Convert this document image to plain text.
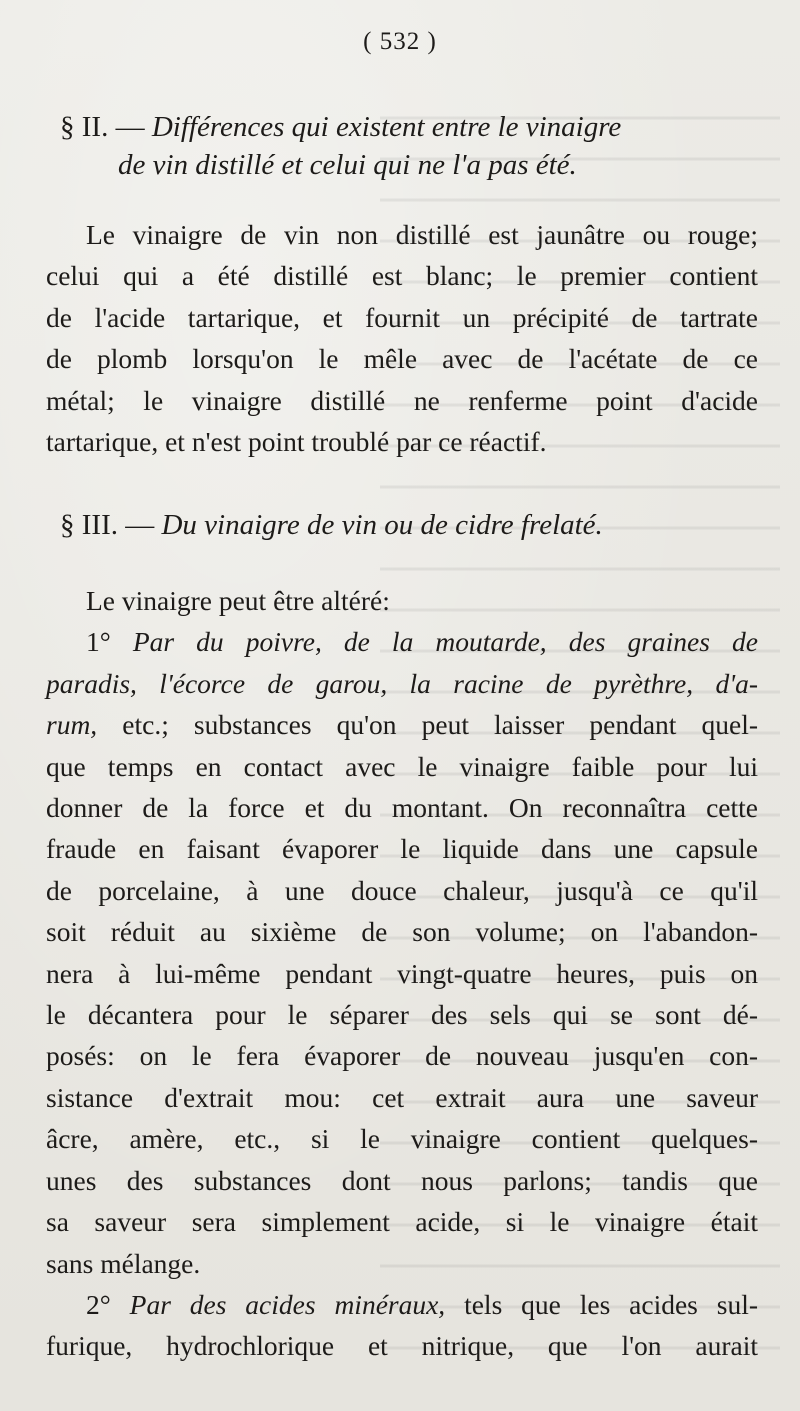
( 532 )
§ II. — Différences qui existent entre le vinaigre
de vin distillé et celui qui ne l'a pas été.
Le vinaigre de vin non distillé est jaunâtre ou rouge;
celui qui a été distillé est blanc; le premier contient
de l'acide tartarique, et fournit un précipité de tartrate
de plomb lorsqu'on le mêle avec de l'acétate de ce
métal; le vinaigre distillé ne renferme point d'acide
tartarique, et n'est point troublé par ce réactif.
§ III. — Du vinaigre de vin ou de cidre frelaté.
Le vinaigre peut être altéré:
1° Par du poivre, de la moutarde, des graines de
paradis, l'écorce de garou, la racine de pyrèthre, d'a-
rum, etc.; substances qu'on peut laisser pendant quel-
que temps en contact avec le vinaigre faible pour lui
donner de la force et du montant. On reconnaîtra cette
fraude en faisant évaporer le liquide dans une capsule
de porcelaine, à une douce chaleur, jusqu'à ce qu'il
soit réduit au sixième de son volume; on l'abandon-
nera à lui-même pendant vingt-quatre heures, puis on
le décantera pour le séparer des sels qui se sont dé-
posés: on le fera évaporer de nouveau jusqu'en con-
sistance d'extrait mou: cet extrait aura une saveur
âcre, amère, etc., si le vinaigre contient quelques-
unes des substances dont nous parlons; tandis que
sa saveur sera simplement acide, si le vinaigre était
sans mélange.
2° Par des acides minéraux, tels que les acides sul-
furique, hydrochlorique et nitrique, que l'on aurait
